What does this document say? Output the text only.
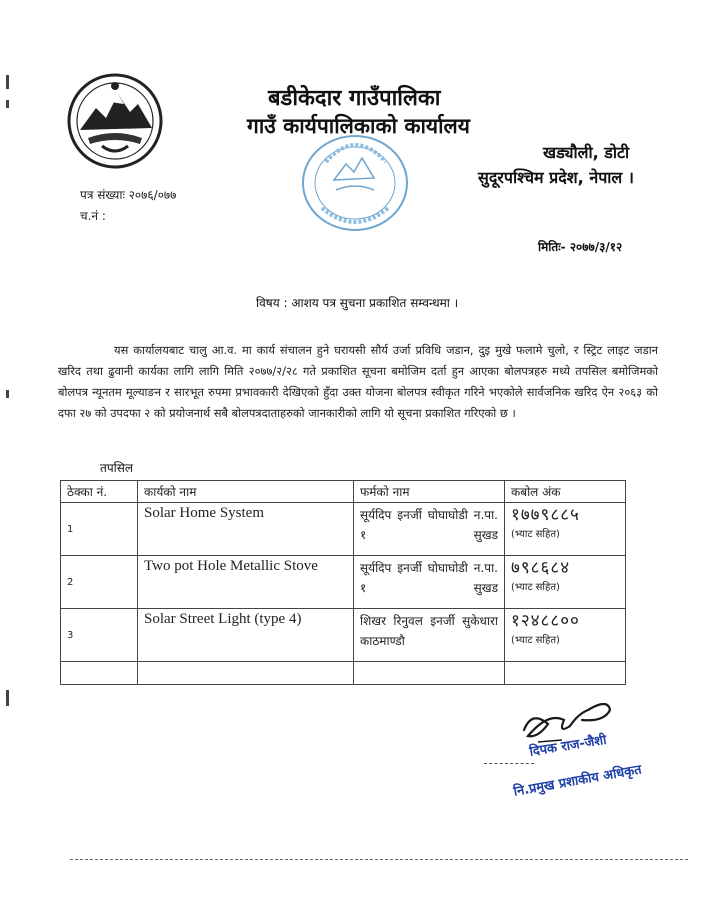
बडीकेदार गाउँपालिका
गाउँ कार्यपालिकाको कार्यालय
खड्यौली, डोटी
सुदूरपश्चिम प्रदेश, नेपाल ।
पत्र संख्याः २०७६/०७७
च.नं :
मितिः- २०७७/३/१२
विषय : आशय पत्र सुचना प्रकाशित सम्वन्धमा ।
यस कार्यालयबाट चालु आ.व. मा कार्य संचालन हुने घरायसी सौर्य उर्जा प्रविधि जडान, दुइ मुखे फलामे चुलो, र स्ट्रिट लाइट जडान खरिद तथा ढुवानी कार्यका लागि लागि मिति २०७७/२/२८ गते प्रकाशित सूचना बमोजिम दर्ता हुन आएका बोलपत्रहरु मध्ये तपसिल बमोजिमको बोलपत्र न्यूनतम मूल्याङन र सारभूत रुपमा प्रभावकारी देखिएको हुँदा उक्त योजना बोलपत्र स्वीकृत गरिने भएकोले सार्वजनिक खरिद ऐन २०६३ को दफा २७ को उपदफा २ को प्रयोजनार्थ सबै बोलपत्रदाताहरुको जानकारीको लागि यो सूचना प्रकाशित गरिएको छ ।
तपसिल
ठेक्का नं.	कार्यको नाम	फर्मको नाम	कबोल अंक
1	Solar Home System	सूर्यदिप इनर्जी घोघाघोडी न.पा. १ सुखड	१७७९८८५
(भ्याट सहित)

2	Two pot Hole Metallic Stove	सूर्यदिप इनर्जी घोघाघोडी न.पा. १ सुखड	७९८६८४
(भ्याट सहित)

3	Solar Street Light (type 4)	शिखर रिनुवल इनर्जी सुकेधारा काठमाण्डौ	१२४८८००
(भ्याट सहित)

दिपक राज-जैशी
नि.प्रमुख प्रशाकीय अधिकृत
